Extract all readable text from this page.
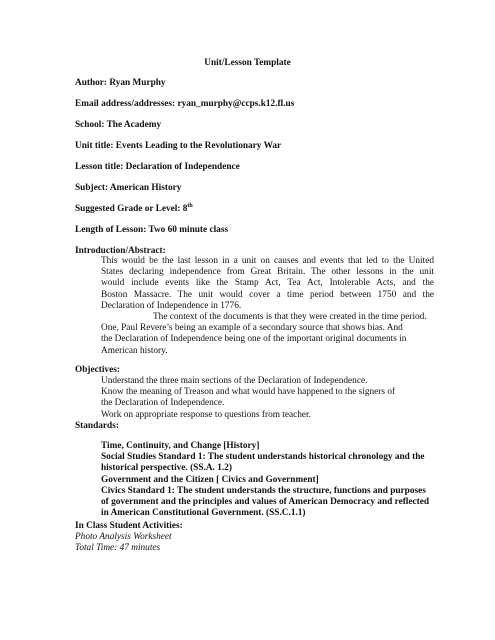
Unit/Lesson Template
Author: Ryan Murphy
Email address/addresses: ryan_murphy@ccps.k12.fl.us
School: The Academy
Unit title: Events Leading to the Revolutionary War
Lesson title: Declaration of Independence
Subject: American History
Suggested Grade or Level: 8th
Length of Lesson: Two 60 minute class
Introduction/Abstract:
This would be the last lesson in a unit on causes and events that led to the United
States declaring independence from Great Britain. The other lessons in the unit
would include events like the Stamp Act, Tea Act, Intolerable Acts, and the
Boston Massacre. The unit would cover a time period between 1750 and the
Declaration of Independence in 1776.
The context of the documents is that they were created in the time period.
One, Paul Revere’s being an example of a secondary source that shows bias. And
the Declaration of Independence being one of the important original documents in
American history.
Objectives:
Understand the three main sections of the Declaration of Independence.
Know the meaning of Treason and what would have happened to the signers of
the Declaration of Independence.
Work on appropriate response to questions from teacher.
Standards:
Time, Continuity, and Change [History]
Social Studies Standard 1: The student understands historical chronology and the
historical perspective. (SS.A. 1.2)
Government and the Citizen [ Civics and Government]
Civics Standard 1: The student understands the structure, functions and purposes
of government and the principles and values of American Democracy and reflected
in American Constitutional Government. (SS.C.1.1)
In Class Student Activities:
Photo Analysis Worksheet
Total Time: 47 minutes
